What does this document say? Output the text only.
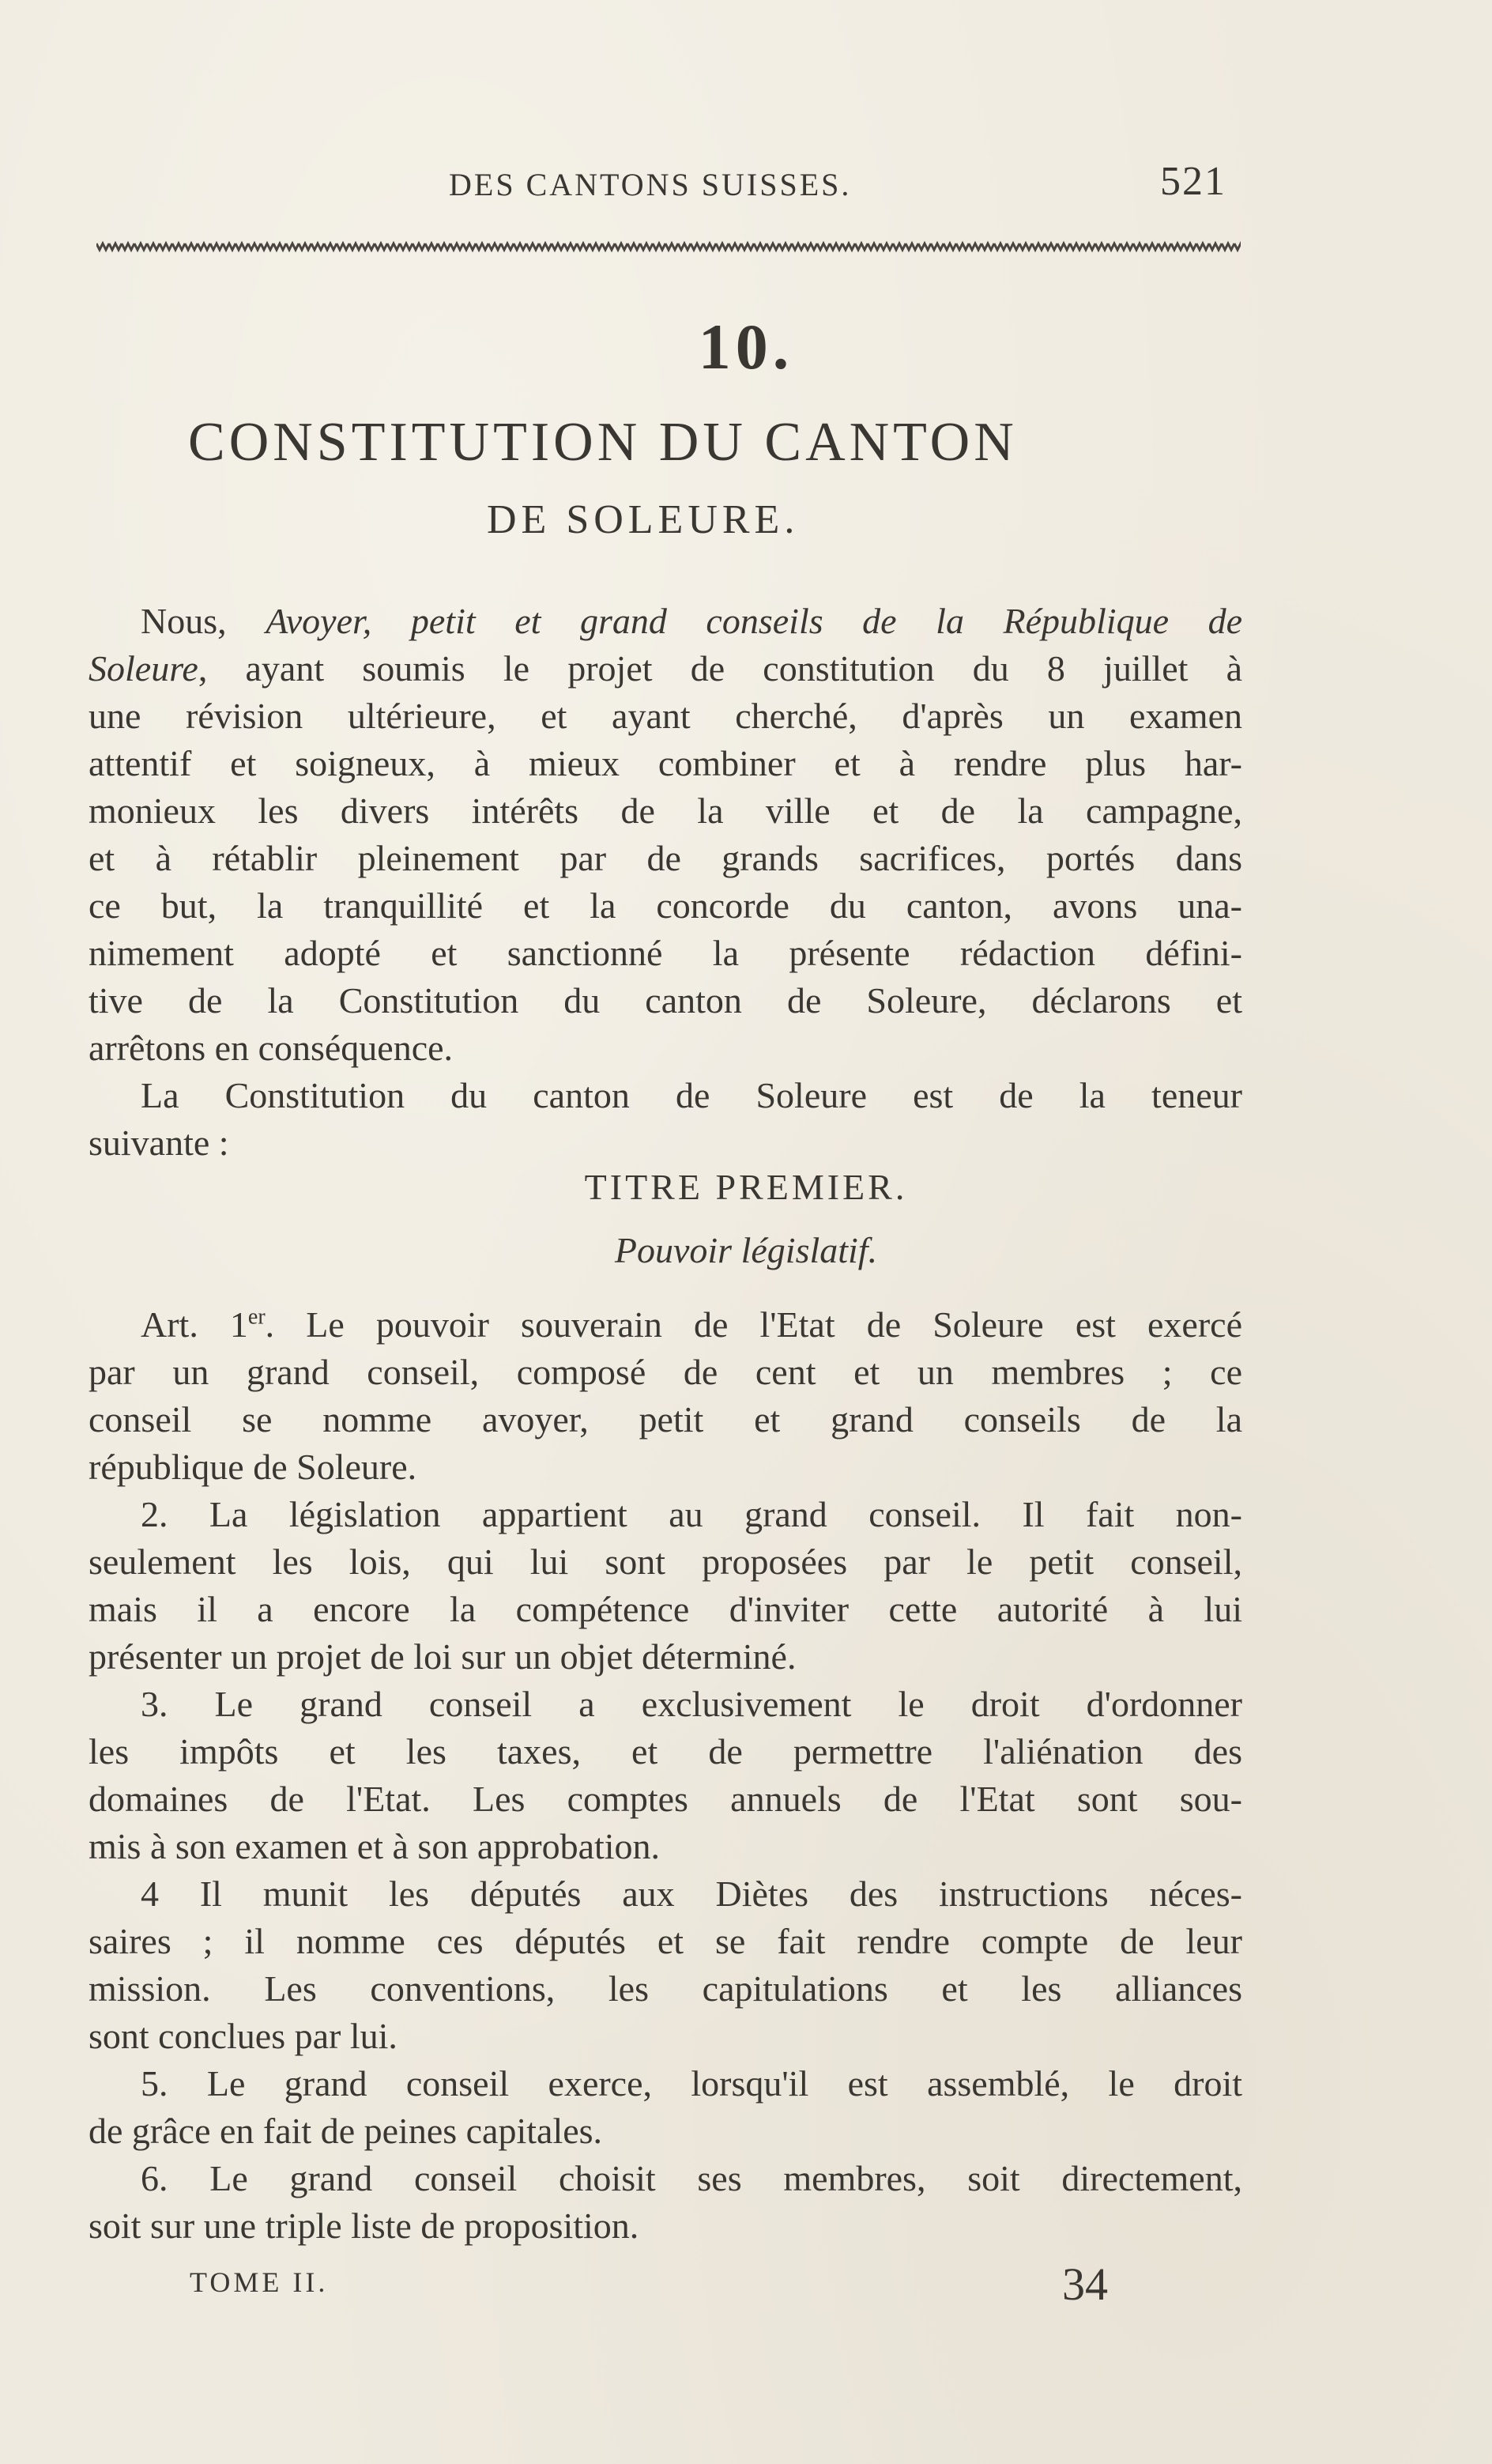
DES CANTONS SUISSES.	521
10.
CONSTITUTION DU CANTON
DE SOLEURE.
Nous, Avoyer, petit et grand conseils de la République de
Soleure, ayant soumis le projet de constitution du 8 juillet à
une révision ultérieure, et ayant cherché, d'après un examen
attentif et soigneux, à mieux combiner et à rendre plus har-
monieux les divers intérêts de la ville et de la campagne,
et à rétablir pleinement par de grands sacrifices, portés dans
ce but, la tranquillité et la concorde du canton, avons una-
nimement adopté et sanctionné la présente rédaction défini-
tive de la Constitution du canton de Soleure, déclarons et
arrêtons en conséquence.
La Constitution du canton de Soleure est de la teneur
suivante :
TITRE PREMIER.
Pouvoir législatif.
Art. 1er. Le pouvoir souverain de l'Etat de Soleure est exercé
par un grand conseil, composé de cent et un membres ; ce
conseil se nomme avoyer, petit et grand conseils de la
république de Soleure.
2. La législation appartient au grand conseil. Il fait non-
seulement les lois, qui lui sont proposées par le petit conseil,
mais il a encore la compétence d'inviter cette autorité à lui
présenter un projet de loi sur un objet déterminé.
3. Le grand conseil a exclusivement le droit d'ordonner
les impôts et les taxes, et de permettre l'aliénation des
domaines de l'Etat. Les comptes annuels de l'Etat sont sou-
mis à son examen et à son approbation.
4 Il munit les députés aux Diètes des instructions néces-
saires ; il nomme ces députés et se fait rendre compte de leur
mission. Les conventions, les capitulations et les alliances
sont conclues par lui.
5. Le grand conseil exerce, lorsqu'il est assemblé, le droit
de grâce en fait de peines capitales.
6. Le grand conseil choisit ses membres, soit directement,
soit sur une triple liste de proposition.
TOME II.	34
